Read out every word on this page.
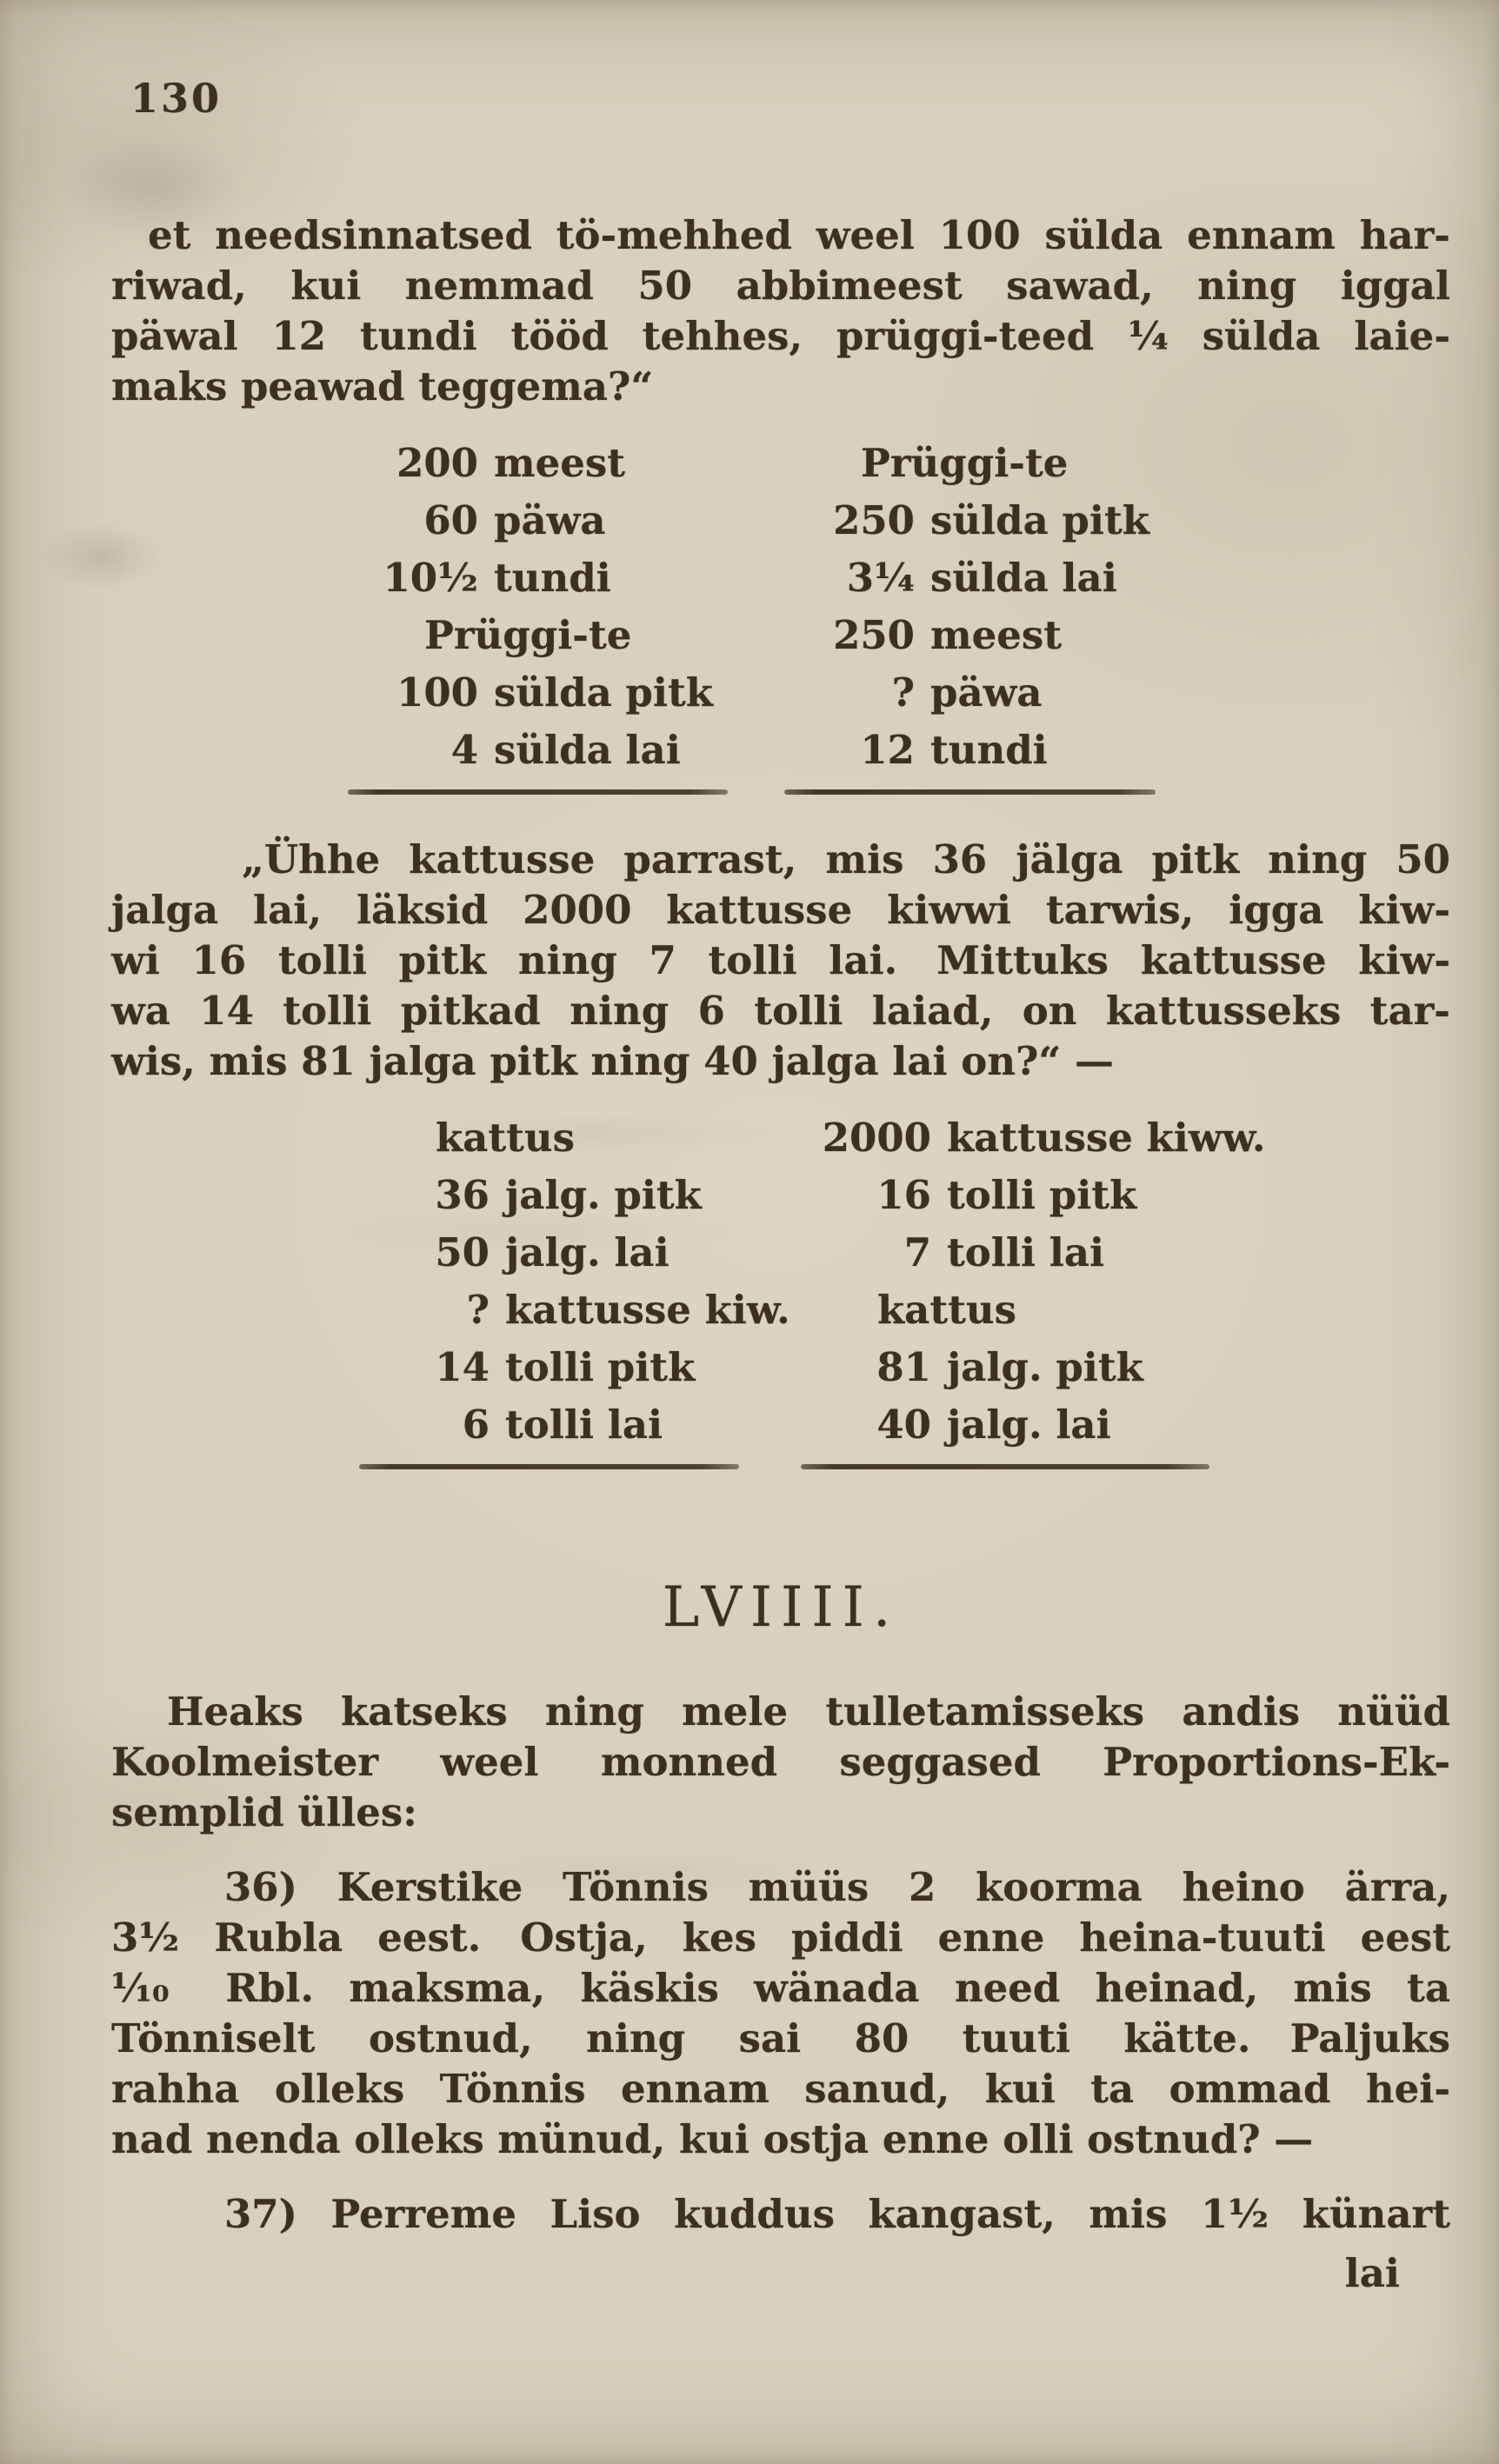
130
et needsinnatsed tö-mehhed weel 100 sülda ennam har-
riwad, kui nemmad 50 abbimeest sawad, ning iggal
päwal 12 tundi tööd tehhes, prüggi-teed ¼ sülda laie-
maks peawad teggema?“
200 meest
60 päwa
10½ tundi
Prüggi-te
100 sülda pitk
4 sülda lai
Prüggi-te
250 sülda pitk
3¼ sülda lai
250 meest
? päwa
12 tundi
„Ühhe kattusse parrast, mis 36 jälga pitk ning 50
jalga lai, läksid 2000 kattusse kiwwi tarwis, igga kiw-
wi 16 tolli pitk ning 7 tolli lai. Mittuks kattusse kiw-
wa 14 tolli pitkad ning 6 tolli laiad, on kattusseks tar-
wis, mis 81 jalga pitk ning 40 jalga lai on?“ —
kattus
36 jalg. pitk
50 jalg. lai
? kattusse kiw.
14 tolli pitk
6 tolli lai
2000 kattusse kiww.
16 tolli pitk
7 tolli lai
kattus
81 jalg. pitk
40 jalg. lai
LVIIII.
Heaks katseks ning mele tulletamisseks andis nüüd
Koolmeister weel monned seggased Proportions-Ek-
semplid ülles:
36) Kerstike Tönnis müüs 2 koorma heino ärra,
3½ Rubla eest. Ostja, kes piddi enne heina-tuuti eest
⅒ Rbl. maksma, käskis wänada need heinad, mis ta
Tönniselt ostnud, ning sai 80 tuuti kätte. Paljuks
rahha olleks Tönnis ennam sanud, kui ta ommad hei-
nad nenda olleks münud, kui ostja enne olli ostnud? —
37) Perreme Liso kuddus kangast, mis 1½ künart
lai
